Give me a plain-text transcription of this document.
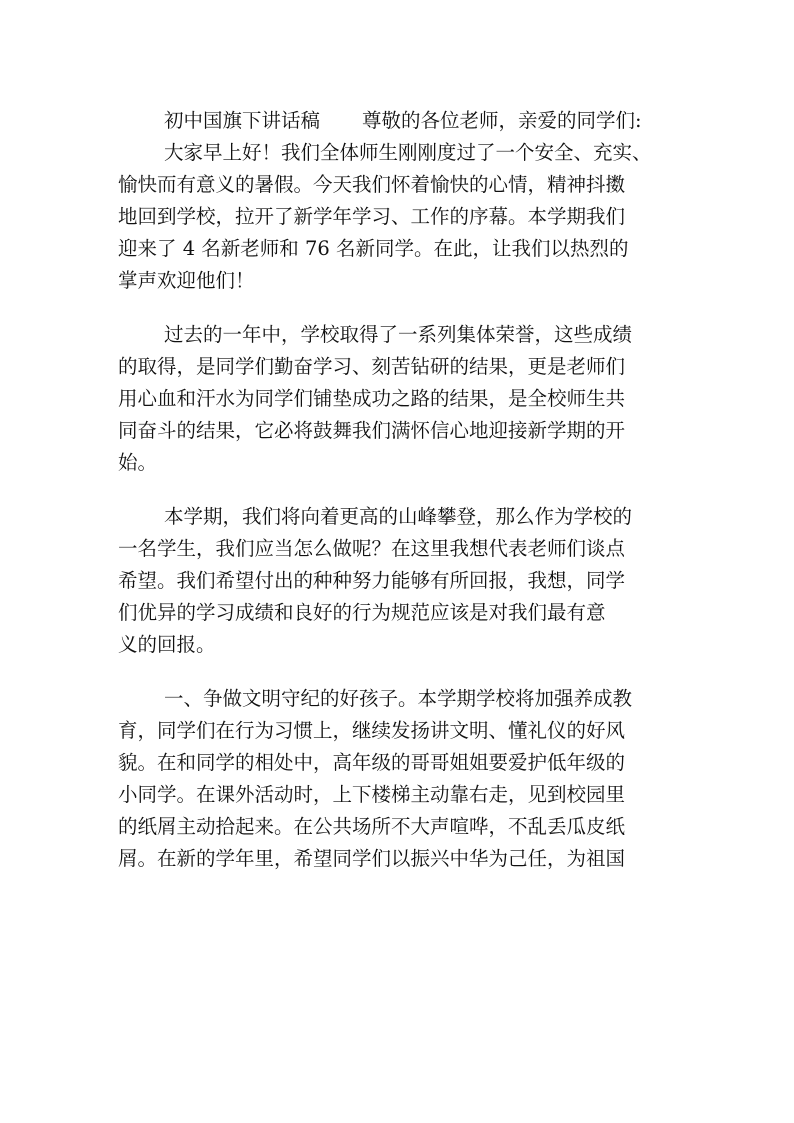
初中国旗下讲话稿 尊敬的各位老师，亲爱的同学们:
大家早上好！我们全体师生刚刚度过了一个安全、充实、
愉快而有意义的暑假。今天我们怀着愉快的心情，精神抖擞
地回到学校，拉开了新学年学习、工作的序幕。本学期我们
迎来了 4 名新老师和 76 名新同学。在此，让我们以热烈的
掌声欢迎他们！
过去的一年中，学校取得了一系列集体荣誉，这些成绩
的取得，是同学们勤奋学习、刻苦钻研的结果，更是老师们
用心血和汗水为同学们铺垫成功之路的结果，是全校师生共
同奋斗的结果，它必将鼓舞我们满怀信心地迎接新学期的开
始。
本学期，我们将向着更高的山峰攀登，那么作为学校的
一名学生，我们应当怎么做呢？在这里我想代表老师们谈点
希望。我们希望付出的种种努力能够有所回报，我想，同学
们优异的学习成绩和良好的行为规范应该是对我们最有意
义的回报。
一、争做文明守纪的好孩子。本学期学校将加强养成教
育，同学们在行为习惯上，继续发扬讲文明、懂礼仪的好风
貌。在和同学的相处中，高年级的哥哥姐姐要爱护低年级的
小同学。在课外活动时，上下楼梯主动靠右走，见到校园里
的纸屑主动拾起来。在公共场所不大声喧哗，不乱丢瓜皮纸
屑。在新的学年里，希望同学们以振兴中华为己任，为祖国
